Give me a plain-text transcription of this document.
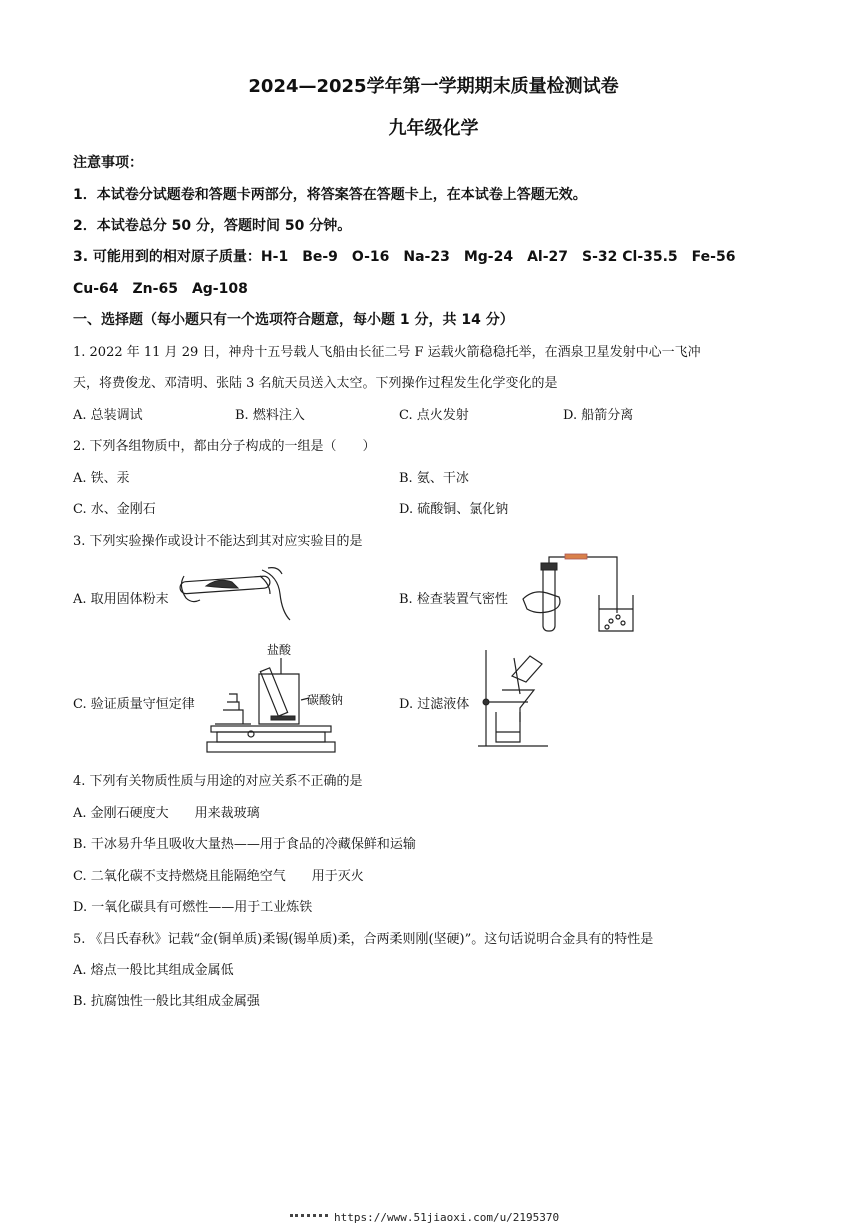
2024—2025学年第一学期期末质量检测试卷
九年级化学
注意事项：
1．本试卷分试题卷和答题卡两部分，将答案答在答题卡上，在本试卷上答题无效。
2．本试卷总分 50 分，答题时间 50 分钟。
3. 可能用到的相对原子质量：H-1　Be-9　O-16　Na-23　Mg-24　Al-27　S-32 Cl-35.5　Fe-56
Cu-64　Zn-65　Ag-108
一、选择题（每小题只有一个选项符合题意，每小题 1 分，共 14 分）
1. 2022 年 11 月 29 日，神舟十五号载人飞船由长征二号 F 运载火箭稳稳托举，在酒泉卫星发射中心一飞冲
天，将费俊龙、邓清明、张陆 3 名航天员送入太空。下列操作过程发生化学变化的是
A. 总装调试	B. 燃料注入	C. 点火发射	D. 船箭分离
2. 下列各组物质中，都由分子构成的一组是（　　）
A. 铁、汞	B. 氨、干冰
C. 水、金刚石	D. 硫酸铜、氯化钠
3. 下列实验操作或设计不能达到其对应实验目的是
A. 取用固体粉末	B. 检查装置气密性
C. 验证质量守恒定律	D. 过滤液体
盐酸
碳酸钠
4. 下列有关物质性质与用途的对应关系不正确的是
A. 金刚石硬度大　　用来裁玻璃
B. 干冰易升华且吸收大量热——用于食品的冷藏保鲜和运输
C. 二氧化碳不支持燃烧且能隔绝空气　　用于灭火
D. 一氧化碳具有可燃性——用于工业炼铁
5. 《吕氏春秋》记载“金(铜单质)柔锡(锡单质)柔，合两柔则刚(坚硬)”。这句话说明合金具有的特性是
A. 熔点一般比其组成金属低
B. 抗腐蚀性一般比其组成金属强
https://www.51jiaoxi.com/u/2195370
